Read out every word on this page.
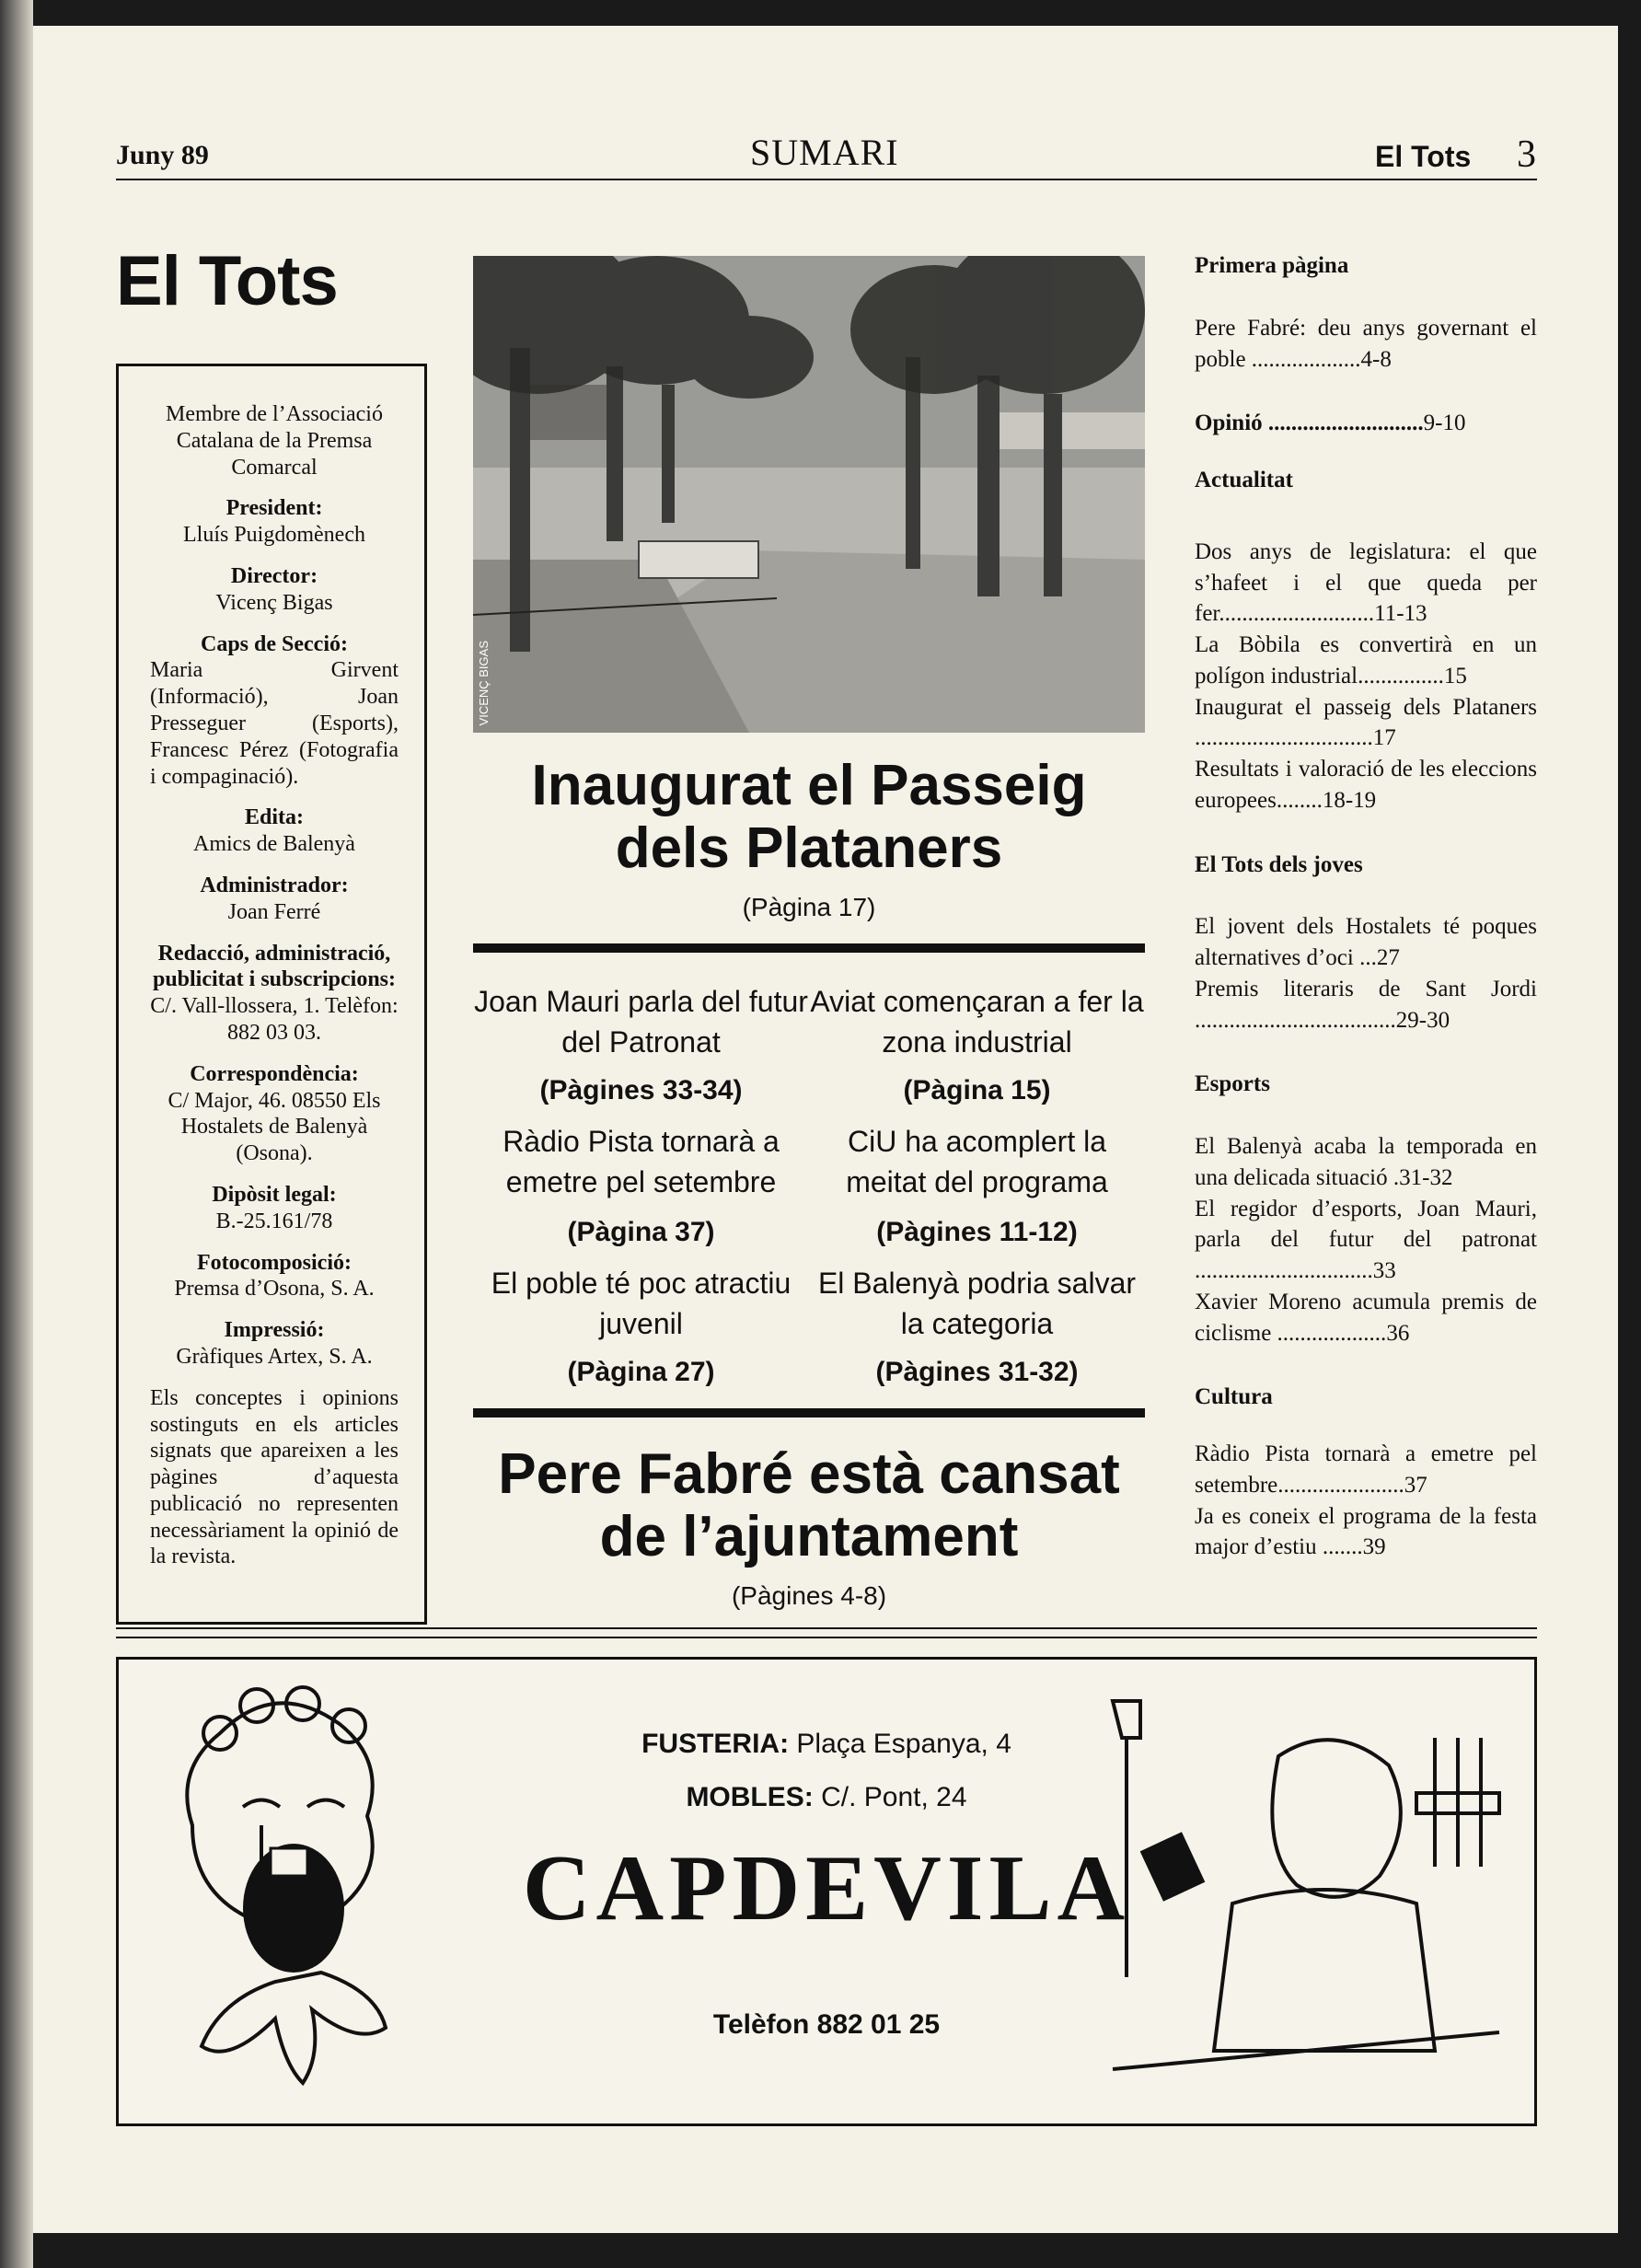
Juny 89	SUMARI	El Tots 3
El Tots
Membre de l’Associació Catalana de la Premsa Comarcal
President:
Lluís Puigdomènech
Director:
Vicenç Bigas
Caps de Secció:
Maria Girvent (Informació), Joan Presseguer (Esports), Francesc Pérez (Fotografia i compaginació).
Edita:
Amics de Balenyà
Administrador:
Joan Ferré
Redacció, administració, publicitat i subscripcions:
C/. Vall-llossera, 1. Telèfon: 882 03 03.
Correspondència:
C/ Major, 46. 08550 Els Hostalets de Balenyà (Osona).
Dipòsit legal:
B.-25.161/78
Fotocomposició:
Premsa d’Osona, S. A.
Impressió:
Gràfiques Artex, S. A.
Els conceptes i opinions sostinguts en els articles signats que apareixen a les pàgines d’aquesta publicació no representen necessàriament la opinió de la revista.
VICENÇ BIGAS
Inaugurat el Passeig dels Plataners
(Pàgina 17)
Joan Mauri parla del futur del Patronat
(Pàgines 33-34)
Aviat començaran a fer la zona industrial
(Pàgina 15)
Ràdio Pista tornarà a emetre pel setembre
(Pàgina 37)
CiU ha acomplert la meitat del programa
(Pàgines 11-12)
El poble té poc atractiu juvenil
(Pàgina 27)
El Balenyà podria salvar la categoria
(Pàgines 31-32)
Pere Fabré està cansat de l’ajuntament
(Pàgines 4-8)
Primera pàgina
Pere Fabré: deu anys governant el poble ...................4-8
Opinió ...........................9-10
Actualitat
Dos anys de legislatura: el que s’hafeet i el que queda per fer...........................11-13
La Bòbila es convertirà en un polígon industrial...............15
Inaugurat el passeig dels Plataners ...............................17
Resultats i valoració de les eleccions europees........18-19
El Tots dels joves
El jovent dels Hostalets té poques alternatives d’oci ...27
Premis literaris de Sant Jordi ...................................29-30
Esports
El Balenyà acaba la temporada en una delicada situació .31-32
El regidor d’esports, Joan Mauri, parla del futur del patronat ...............................33
Xavier Moreno acumula premis de ciclisme ...................36
Cultura
Ràdio Pista tornarà a emetre pel setembre......................37
Ja es coneix el programa de la festa major d’estiu .......39
FUSTERIA: Plaça Espanya, 4
MOBLES: C/. Pont, 24
CAPDEVILA
Telèfon 882 01 25
